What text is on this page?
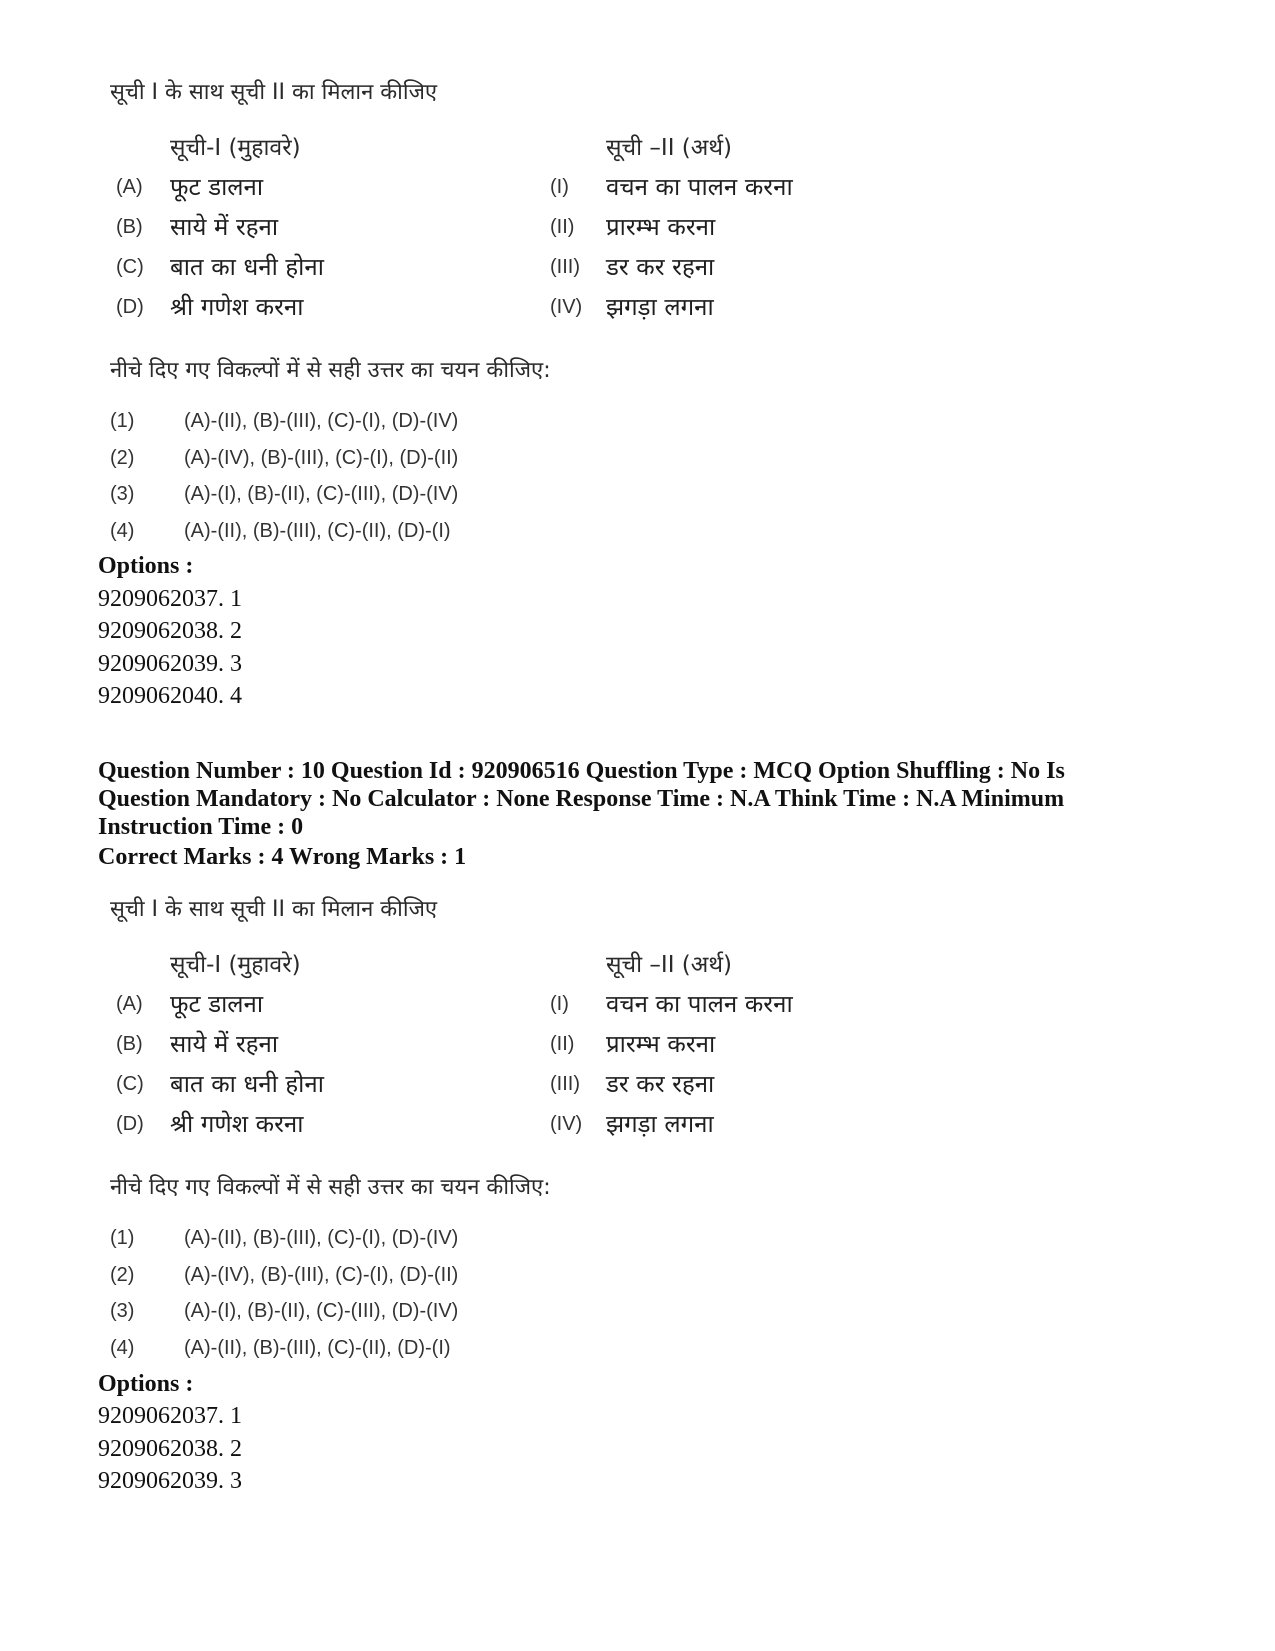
सूची I के साथ सूची II का मिलान कीजिए
सूची-I (मुहावरे)	सूची –II (अर्थ)
(A) फूट डालना	(I) वचन का पालन करना
(B) साये में रहना	(II) प्रारम्भ करना
(C) बात का धनी होना	(III) डर कर रहना
(D) श्री गणेश करना	(IV) झगड़ा लगना
नीचे दिए गए विकल्पों में से सही उत्तर का चयन कीजिए:
(1) (A)-(II), (B)-(III), (C)-(I), (D)-(IV)
(2) (A)-(IV), (B)-(III), (C)-(I), (D)-(II)
(3) (A)-(I), (B)-(II), (C)-(III), (D)-(IV)
(4) (A)-(II), (B)-(III), (C)-(II), (D)-(I)
Options :
9209062037. 1
9209062038. 2
9209062039. 3
9209062040. 4
Question Number : 10 Question Id : 920906516 Question Type : MCQ Option Shuffling : No Is
Question Mandatory : No Calculator : None Response Time : N.A Think Time : N.A Minimum
Instruction Time : 0
Correct Marks : 4 Wrong Marks : 1
सूची I के साथ सूची II का मिलान कीजिए
सूची-I (मुहावरे)	सूची –II (अर्थ)
(A) फूट डालना	(I) वचन का पालन करना
(B) साये में रहना	(II) प्रारम्भ करना
(C) बात का धनी होना	(III) डर कर रहना
(D) श्री गणेश करना	(IV) झगड़ा लगना
नीचे दिए गए विकल्पों में से सही उत्तर का चयन कीजिए:
(1) (A)-(II), (B)-(III), (C)-(I), (D)-(IV)
(2) (A)-(IV), (B)-(III), (C)-(I), (D)-(II)
(3) (A)-(I), (B)-(II), (C)-(III), (D)-(IV)
(4) (A)-(II), (B)-(III), (C)-(II), (D)-(I)
Options :
9209062037. 1
9209062038. 2
9209062039. 3
